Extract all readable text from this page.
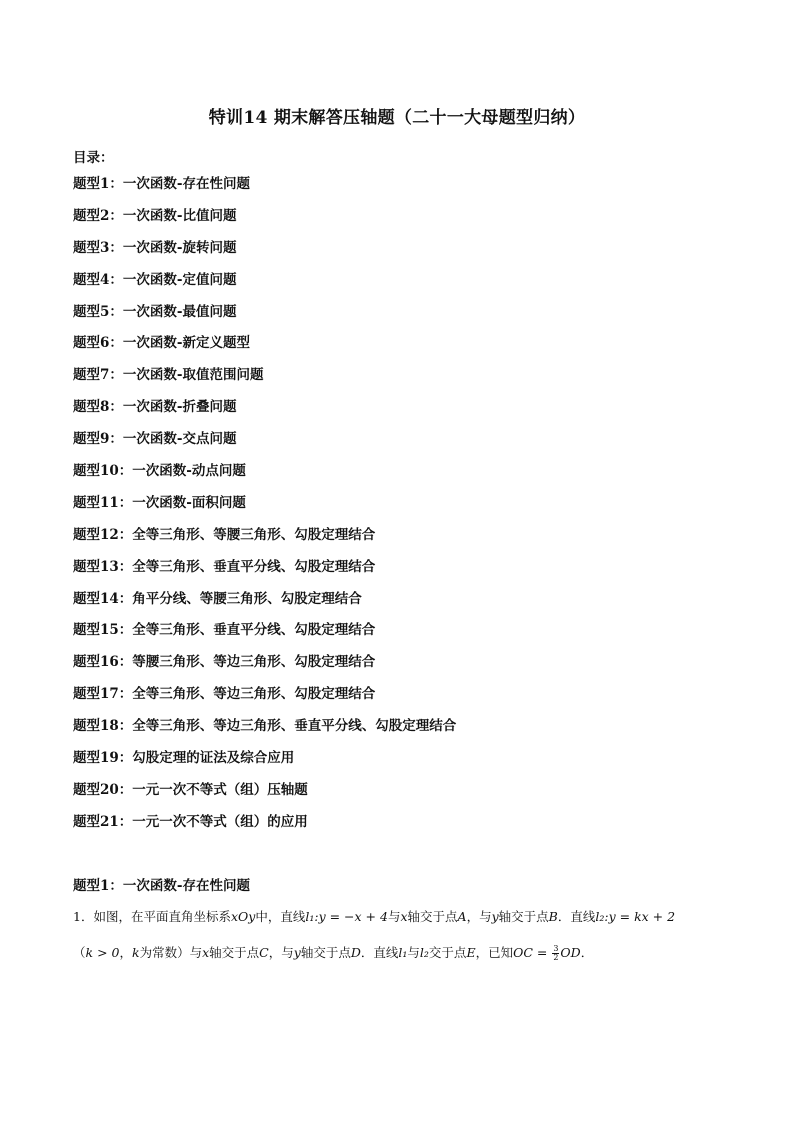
特训14 期末解答压轴题（二十一大母题型归纳）
目录：
题型1：一次函数-存在性问题
题型2：一次函数-比值问题
题型3：一次函数-旋转问题
题型4：一次函数-定值问题
题型5：一次函数-最值问题
题型6：一次函数-新定义题型
题型7：一次函数-取值范围问题
题型8：一次函数-折叠问题
题型9：一次函数-交点问题
题型10：一次函数-动点问题
题型11：一次函数-面积问题
题型12：全等三角形、等腰三角形、勾股定理结合
题型13：全等三角形、垂直平分线、勾股定理结合
题型14：角平分线、等腰三角形、勾股定理结合
题型15：全等三角形、垂直平分线、勾股定理结合
题型16：等腰三角形、等边三角形、勾股定理结合
题型17：全等三角形、等边三角形、勾股定理结合
题型18：全等三角形、等边三角形、垂直平分线、勾股定理结合
题型19：勾股定理的证法及综合应用
题型20：一元一次不等式（组）压轴题
题型21：一元一次不等式（组）的应用
题型1：一次函数-存在性问题
1．如图，在平面直角坐标系xOy中，直线l₁:y = −x + 4与x轴交于点A，与y轴交于点B．直线l₂:y = kx + 2
（k > 0，k为常数）与x轴交于点C，与y轴交于点D．直线l₁与l₂交于点E，已知OC = $\frac{3}{2}$ OD．
